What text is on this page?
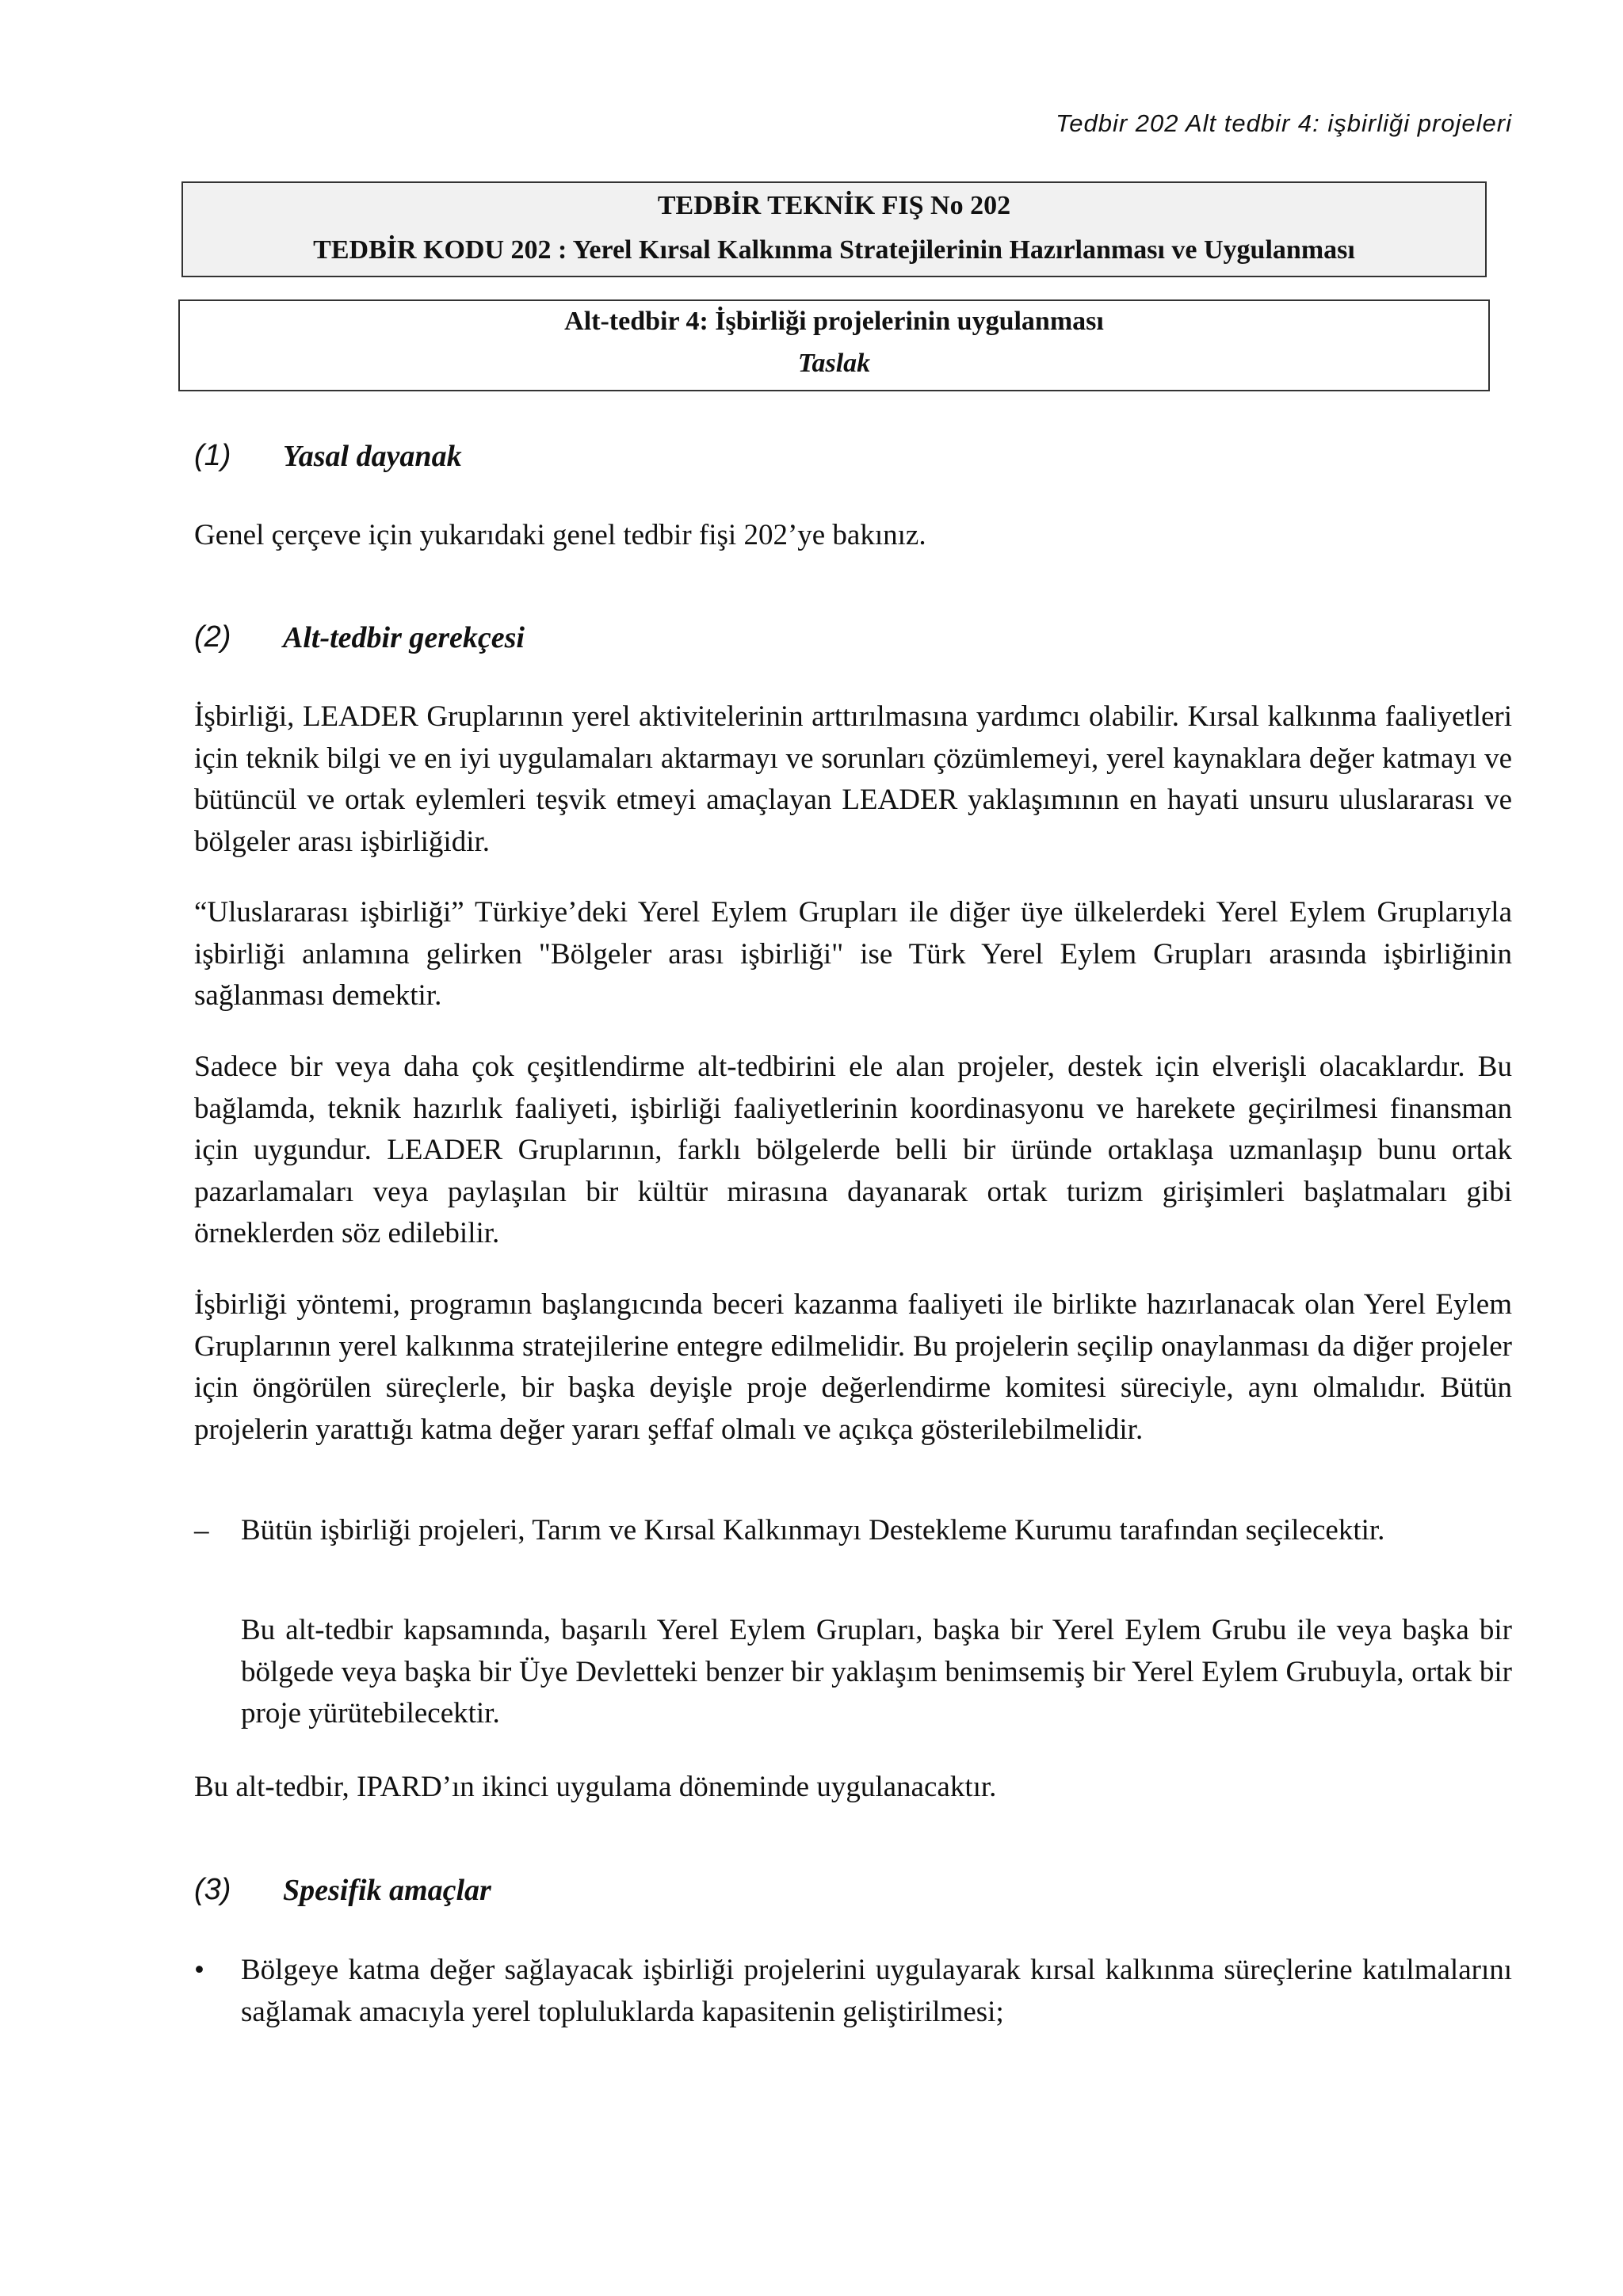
Tedbir 202 Alt tedbir 4: işbirliği projeleri
TEDBİR TEKNİK FIŞ No 202
TEDBİR KODU 202 : Yerel Kırsal Kalkınma Stratejilerinin Hazırlanması ve Uygulanması
Alt-tedbir 4: İşbirliği projelerinin uygulanması
Taslak
(1) Yasal dayanak

Genel çerçeve için yukarıdaki genel tedbir fişi 202’ye bakınız.

(2) Alt-tedbir gerekçesi

İşbirliği, LEADER Gruplarının yerel aktivitelerinin arttırılmasına yardımcı olabilir. Kırsal kalkınma faaliyetleri için teknik bilgi ve en iyi uygulamaları aktarmayı ve sorunları çözümlemeyi, yerel kaynaklara değer katmayı ve bütüncül ve ortak eylemleri teşvik etmeyi amaçlayan LEADER yaklaşımının en hayati unsuru uluslararası ve bölgeler arası işbirliğidir.

“Uluslararası işbirliği” Türkiye’deki Yerel Eylem Grupları ile diğer üye ülkelerdeki Yerel Eylem Gruplarıyla işbirliği anlamına gelirken "Bölgeler arası işbirliği" ise Türk Yerel Eylem Grupları arasında işbirliğinin sağlanması demektir.

Sadece bir veya daha çok çeşitlendirme alt-tedbirini ele alan projeler, destek için elverişli olacaklardır. Bu bağlamda, teknik hazırlık faaliyeti, işbirliği faaliyetlerinin koordinasyonu ve harekete geçirilmesi finansman için uygundur. LEADER Gruplarının, farklı bölgelerde belli bir üründe ortaklaşa uzmanlaşıp bunu ortak pazarlamaları veya paylaşılan bir kültür mirasına dayanarak ortak turizm girişimleri başlatmaları gibi örneklerden söz edilebilir.

İşbirliği yöntemi, programın başlangıcında beceri kazanma faaliyeti ile birlikte hazırlanacak olan Yerel Eylem Gruplarının yerel kalkınma stratejilerine entegre edilmelidir. Bu projelerin seçilip onaylanması da diğer projeler için öngörülen süreçlerle, bir başka deyişle proje değerlendirme komitesi süreciyle, aynı olmalıdır. Bütün projelerin yarattığı katma değer yararı şeffaf olmalı ve açıkça gösterilebilmelidir.

– Bütün işbirliği projeleri, Tarım ve Kırsal Kalkınmayı Destekleme Kurumu tarafından seçilecektir.

Bu alt-tedbir kapsamında, başarılı Yerel Eylem Grupları, başka bir Yerel Eylem Grubu ile veya başka bir bölgede veya başka bir Üye Devletteki benzer bir yaklaşım benimsemiş bir Yerel Eylem Grubuyla, ortak bir proje yürütebilecektir.

Bu alt-tedbir, IPARD’ın ikinci uygulama döneminde uygulanacaktır.

(3) Spesifik amaçlar
• Bölgeye katma değer sağlayacak işbirliği projelerini uygulayarak kırsal kalkınma süreçlerine katılmalarını sağlamak amacıyla yerel topluluklarda kapasitenin geliştirilmesi;
